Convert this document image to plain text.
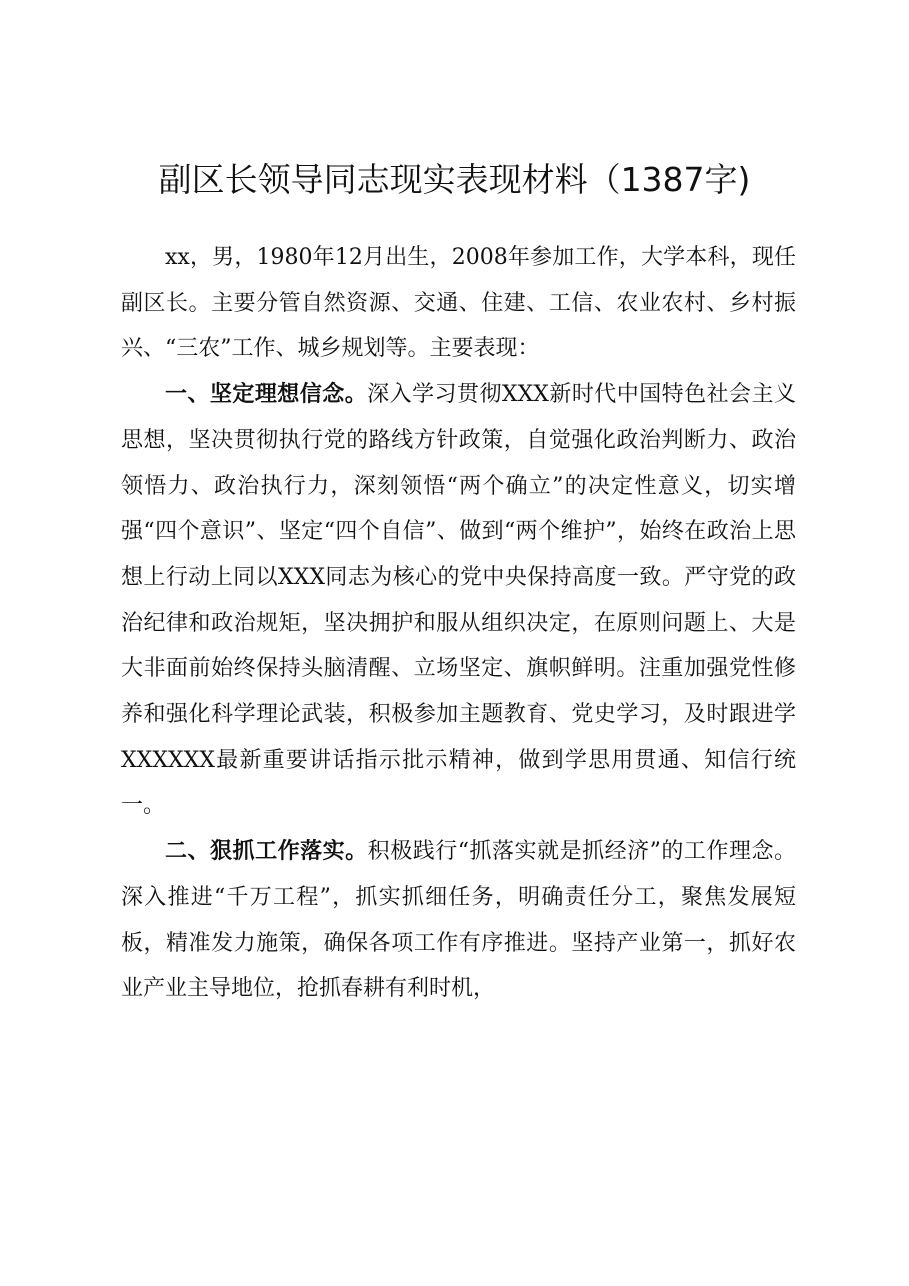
副区长领导同志现实表现材料（1387字)

xx，男，1980年12月出生，2008年参加工作，大学本科，现任副区长。主要分管自然资源、交通、住建、工信、农业农村、乡村振兴、“三农”工作、城乡规划等。主要表现：

一、坚定理想信念。深入学习贯彻XXX新时代中国特色社会主义思想，坚决贯彻执行党的路线方针政策，自觉强化政治判断力、政治领悟力、政治执行力，深刻领悟“两个确立”的决定性意义，切实增强“四个意识”、坚定“四个自信”、做到“两个维护”，始终在政治上思想上行动上同以XXX同志为核心的党中央保持高度一致。严守党的政治纪律和政治规矩，坚决拥护和服从组织决定，在原则问题上、大是大非面前始终保持头脑清醒、立场坚定、旗帜鲜明。注重加强党性修养和强化科学理论武装，积极参加主题教育、党史学习，及时跟进学XXXXXX最新重要讲话指示批示精神，做到学思用贯通、知信行统一。

二、狠抓工作落实。积极践行“抓落实就是抓经济”的工作理念。深入推进“千万工程”，抓实抓细任务，明确责任分工，聚焦发展短板，精准发力施策，确保各项工作有序推进。坚持产业第一，抓好农业产业主导地位，抢抓春耕有利时机，
